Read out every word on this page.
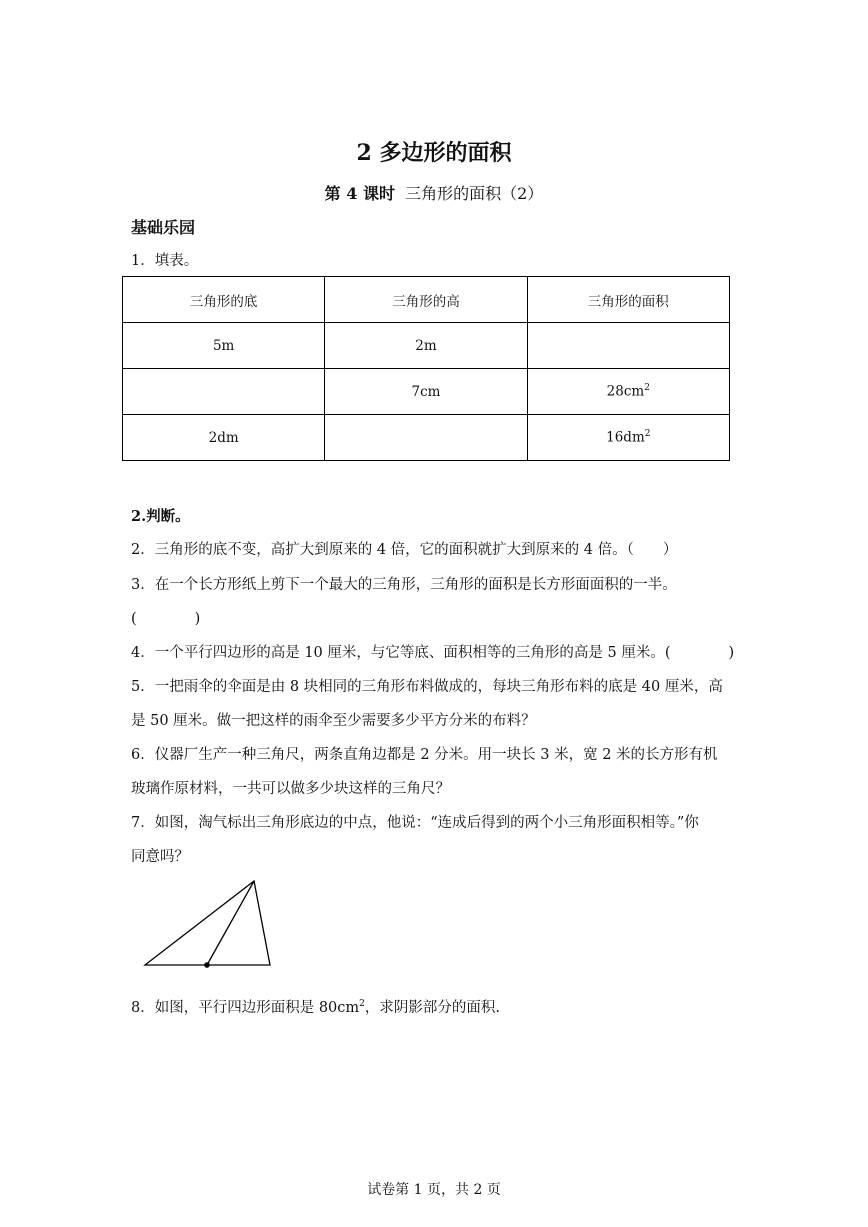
2 多边形的面积
第 4 课时 三角形的面积（2）
基础乐园
1．填表。
三角形的底	三角形的高	三角形的面积
5m	2m	
	7cm	$28cm^2$
2dm		$16dm^2$
2.判断。
2．三角形的底不变，高扩大到原来的 4 倍，它的面积就扩大到原来的 4 倍。（　　）
3．在一个长方形纸上剪下一个最大的三角形，三角形的面积是长方形面面积的一半。
(　　　　)
4．一个平行四边形的高是 10 厘米，与它等底、面积相等的三角形的高是 5 厘米。(　　　　)
5．一把雨伞的伞面是由 8 块相同的三角形布料做成的，每块三角形布料的底是 40 厘米，高
是 50 厘米。做一把这样的雨伞至少需要多少平方分米的布料？
6．仪器厂生产一种三角尺，两条直角边都是 2 分米。用一块长 3 米，宽 2 米的长方形有机
玻璃作原材料，一共可以做多少块这样的三角尺？
7．如图，淘气标出三角形底边的中点，他说：“连成后得到的两个小三角形面积相等。”你
同意吗？
8．如图，平行四边形面积是 $80cm^2$，求阴影部分的面积.
试卷第 1 页，共 2 页
